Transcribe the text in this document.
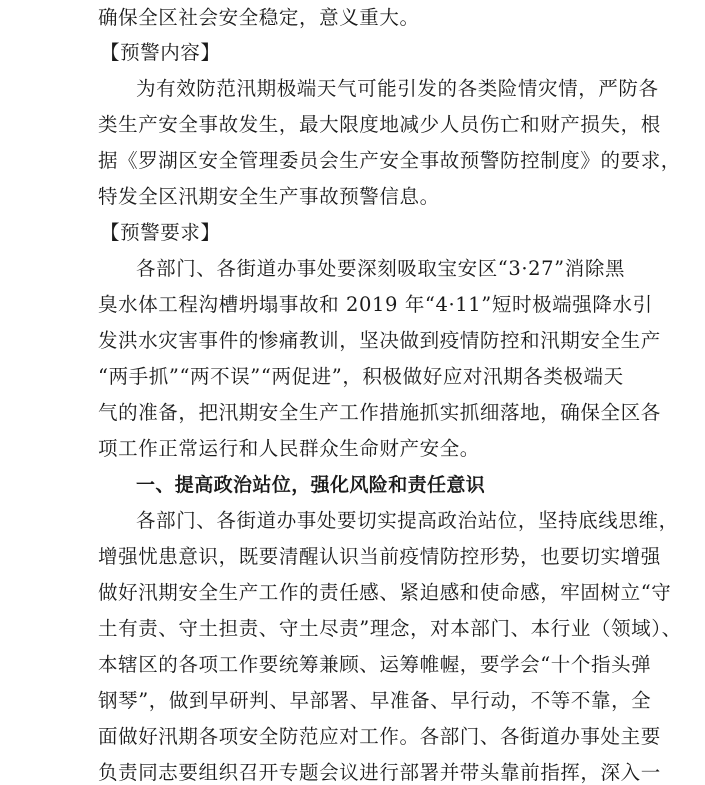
确保全区社会安全稳定，意义重大。
【预警内容】
为有效防范汛期极端天气可能引发的各类险情灾情，严防各
类生产安全事故发生，最大限度地减少人员伤亡和财产损失，根
据《罗湖区安全管理委员会生产安全事故预警防控制度》的要求，
特发全区汛期安全生产事故预警信息。
【预警要求】
各部门、各街道办事处要深刻吸取宝安区“3·27”消除黑
臭水体工程沟槽坍塌事故和 2019 年“4·11”短时极端强降水引
发洪水灾害事件的惨痛教训，坚决做到疫情防控和汛期安全生产
“两手抓”“两不误”“两促进”，积极做好应对汛期各类极端天
气的准备，把汛期安全生产工作措施抓实抓细落地，确保全区各
项工作正常运行和人民群众生命财产安全。
一、提高政治站位，强化风险和责任意识
各部门、各街道办事处要切实提高政治站位，坚持底线思维，
增强忧患意识，既要清醒认识当前疫情防控形势，也要切实增强
做好汛期安全生产工作的责任感、紧迫感和使命感，牢固树立“守
土有责、守土担责、守土尽责”理念，对本部门、本行业（领域）、
本辖区的各项工作要统筹兼顾、运筹帷幄，要学会“十个指头弹
钢琴”，做到早研判、早部署、早准备、早行动，不等不靠，全
面做好汛期各项安全防范应对工作。各部门、各街道办事处主要
负责同志要组织召开专题会议进行部署并带头靠前指挥，深入一
